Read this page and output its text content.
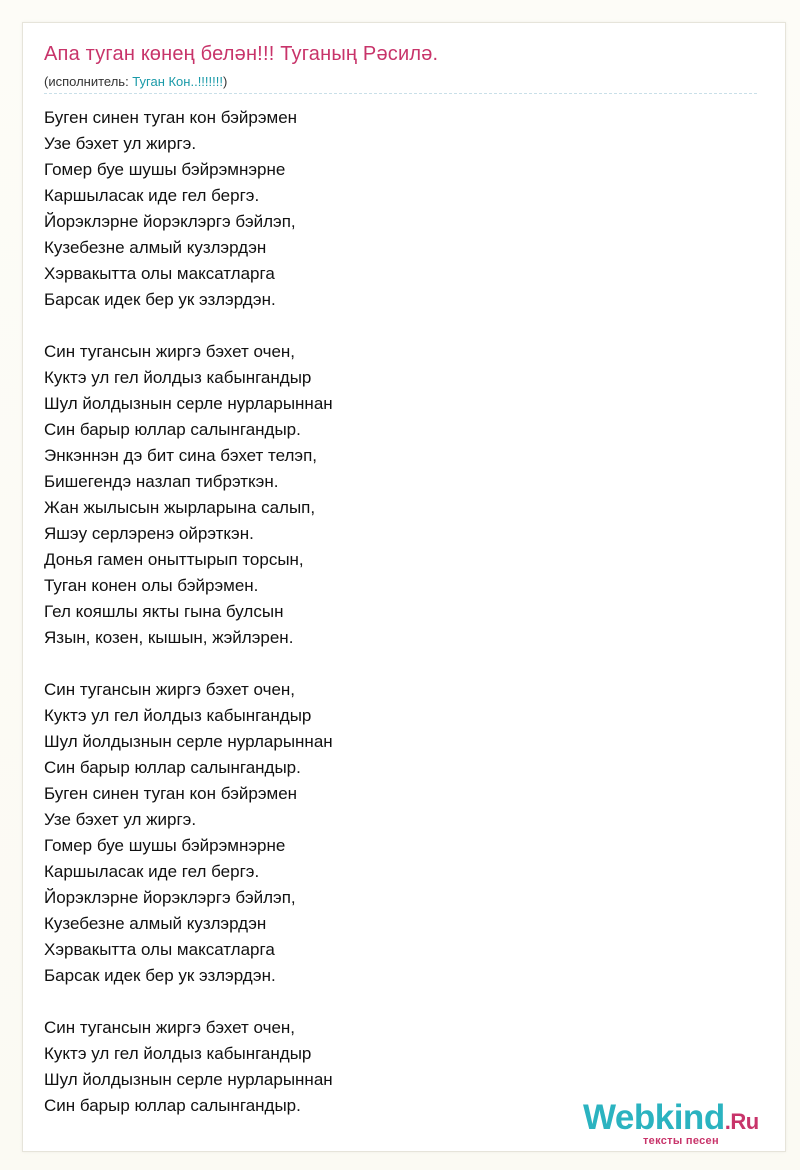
Апа туган көнең белән!!! Туганың Рәсилә.
(исполнитель: Туган Кон..!!!!!!!)
Буген синен туган кон бэйрэмен
Узе бэхет ул жиргэ.
Гомер буе шушы бэйрэмнэрне
Каршыласак иде гел бергэ.
Йорэклэрне йорэклэргэ бэйлэп,
Кузебезне алмый кузлэрдэн
Хэрвакытта олы максатларга
Барсак идек бер ук эзлэрдэн.
Син тугансын жиргэ бэхет очен,
Куктэ ул гел йолдыз кабынгандыр
Шул йолдызнын серле нурларыннан
Син барыр юллар салынгандыр.
Энкэннэн дэ бит сина бэхет телэп,
Бишегендэ назлап тибрэткэн.
Жан жылысын жырларына салып,
Яшэу серлэренэ ойрэткэн.
Донья гамен оныттырып торсын,
Туган конен олы бэйрэмен.
Гел кояшлы якты гына булсын
Язын, козен, кышын, жэйлэрен.
Син тугансын жиргэ бэхет очен,
Куктэ ул гел йолдыз кабынгандыр
Шул йолдызнын серле нурларыннан
Син барыр юллар салынгандыр.
Буген синен туган кон бэйрэмен
Узе бэхет ул жиргэ.
Гомер буе шушы бэйрэмнэрне
Каршыласак иде гел бергэ.
Йорэклэрне йорэклэргэ бэйлэп,
Кузебезне алмый кузлэрдэн
Хэрвакытта олы максатларга
Барсак идек бер ук эзлэрдэн.
Син тугансын жиргэ бэхет очен,
Куктэ ул гел йолдыз кабынгандыр
Шул йолдызнын серле нурларыннан
Син барыр юллар салынгандыр.	Webkind.Ru
тексты песен
